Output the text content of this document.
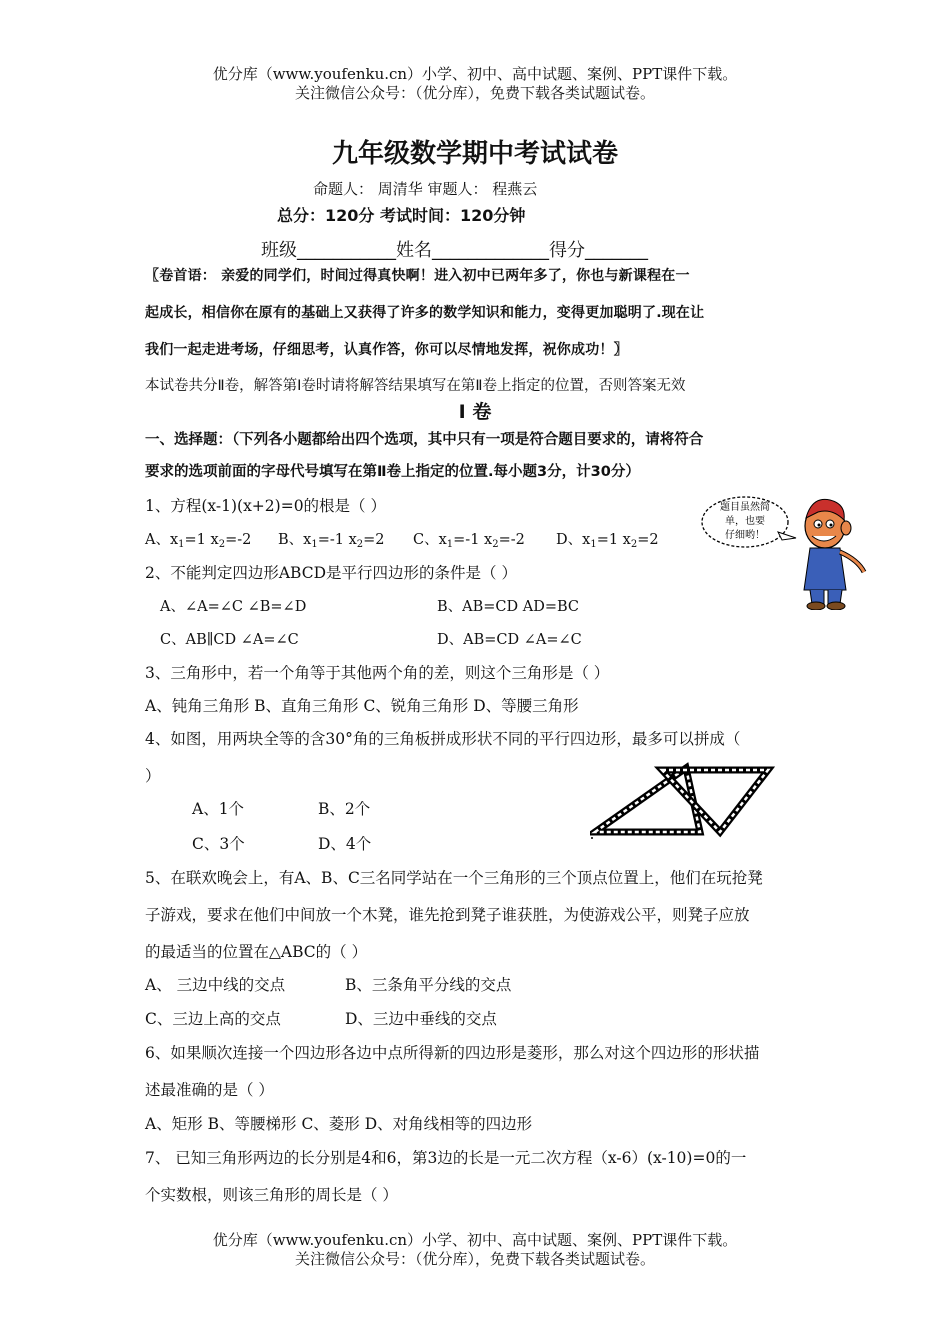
优分库（www.youfenku.cn）小学、初中、高中试题、案例、PPT课件下载。
关注微信公众号：（优分库），免费下载各类试题试卷。
九年级数学期中考试试卷
命题人： 周清华 审题人： 程燕云
总分：120分 考试时间：120分钟
班级___________姓名_____________得分_______
〖卷首语： 亲爱的同学们，时间过得真快啊！进入初中已两年多了，你也与新课程在一
起成长，相信你在原有的基础上又获得了许多的数学知识和能力，变得更加聪明了.现在让
我们一起走进考场，仔细思考，认真作答，你可以尽情地发挥，祝你成功！〗
本试卷共分Ⅱ卷，解答第Ⅰ卷时请将解答结果填写在第Ⅱ卷上指定的位置，否则答案无效
Ⅰ 卷
一、选择题：（下列各小题都给出四个选项，其中只有一项是符合题目要求的，请将符合
要求的选项前面的字母代号填写在第Ⅱ卷上指定的位置.每小题3分，计30分）
1、方程(x-1)(x+2)=0的根是（ ）
A、$x_1=1$ $x_2=-2$ B、$x_1=-1$ $x_2=2$ C、$x_1=-1$ $x_2=-2$ D、$x_1=1$ $x_2=2$
题目虽然简
单，也要
仔细哟！
2、不能判定四边形ABCD是平行四边形的条件是（ ）
A、∠A=∠C ∠B=∠D	B、AB=CD AD=BC
C、AB∥CD ∠A=∠C	D、AB=CD ∠A=∠C
3、三角形中，若一个角等于其他两个角的差，则这个三角形是（ ）
A、钝角三角形 B、直角三角形 C、锐角三角形 D、等腰三角形
4、如图，用两块全等的含30°角的三角板拼成形状不同的平行四边形，最多可以拼成（
）
A、1个	B、2个
C、3个	D、4个
5、在联欢晚会上，有A、B、C三名同学站在一个三角形的三个顶点位置上，他们在玩抢凳
子游戏，要求在他们中间放一个木凳，谁先抢到凳子谁获胜，为使游戏公平，则凳子应放
的最适当的位置在△ABC的（ ）
A、 三边中线的交点	B、三条角平分线的交点
C、三边上高的交点	D、三边中垂线的交点
6、如果顺次连接一个四边形各边中点所得新的四边形是菱形，那么对这个四边形的形状描
述最准确的是（ ）
A、矩形 B、等腰梯形 C、菱形 D、对角线相等的四边形
7、 已知三角形两边的长分别是4和6，第3边的长是一元二次方程（x-6）(x-10)=0的一
个实数根，则该三角形的周长是（ ）
优分库（www.youfenku.cn）小学、初中、高中试题、案例、PPT课件下载。
关注微信公众号：（优分库），免费下载各类试题试卷。
